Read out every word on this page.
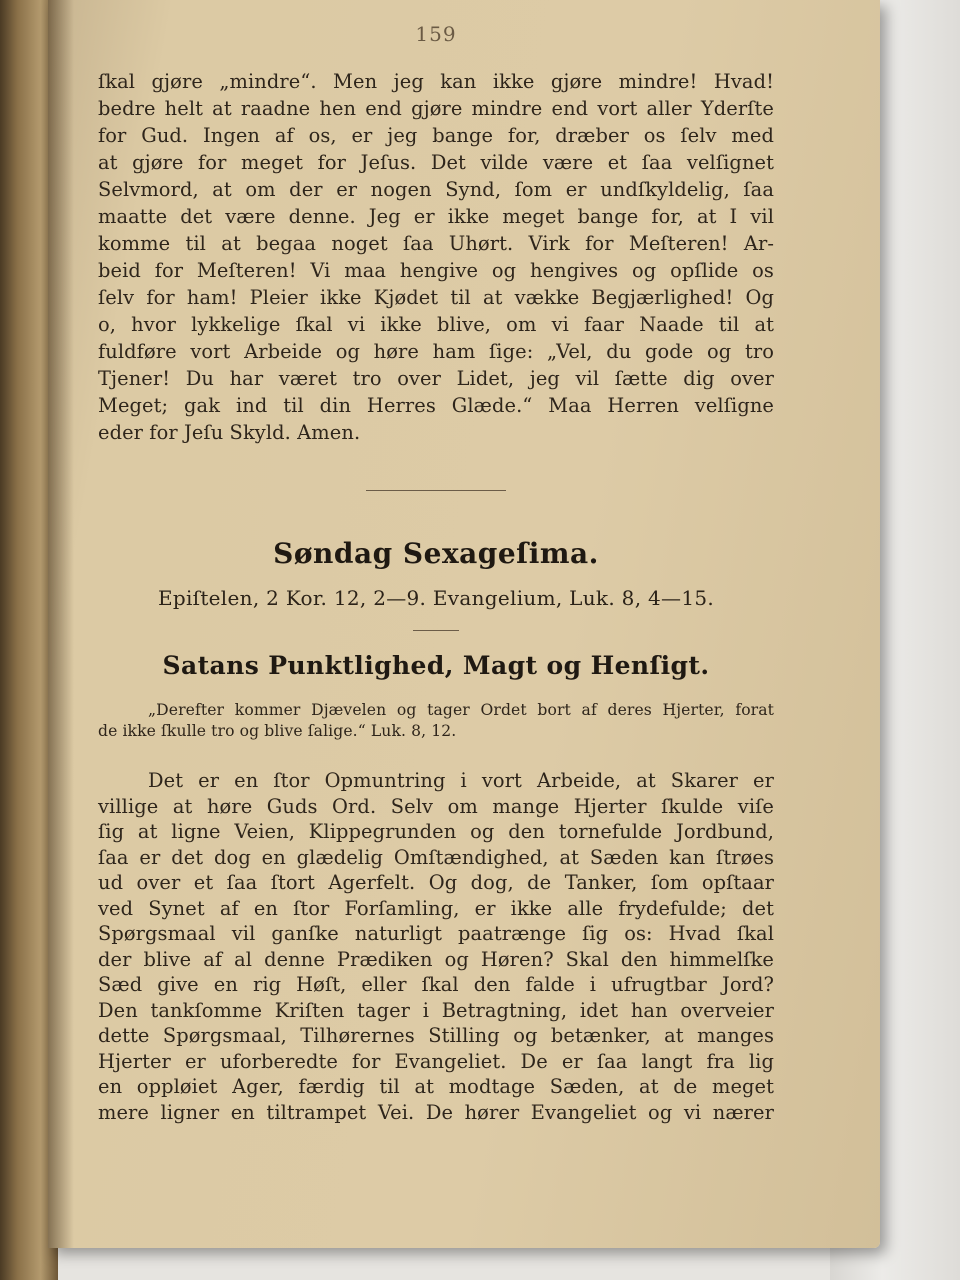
159
ſkal gjøre „mindre“. Men jeg kan ikke gjøre mindre! Hvad!
bedre helt at raadne hen end gjøre mindre end vort aller Yderſte
for Gud. Ingen af os, er jeg bange for, dræber os ſelv med
at gjøre for meget for Jeſus. Det vilde være et ſaa velſignet
Selvmord, at om der er nogen Synd, ſom er undſkyldelig, ſaa
maatte det være denne. Jeg er ikke meget bange for, at I vil
komme til at begaa noget ſaa Uhørt. Virk for Meſteren! Ar-
beid for Meſteren! Vi maa hengive og hengives og opſlide os
ſelv for ham! Pleier ikke Kjødet til at vække Begjærlighed! Og
o, hvor lykkelige ſkal vi ikke blive, om vi faar Naade til at
fuldføre vort Arbeide og høre ham ſige: „Vel, du gode og tro
Tjener! Du har været tro over Lidet, jeg vil ſætte dig over
Meget; gak ind til din Herres Glæde.“ Maa Herren velſigne
eder for Jeſu Skyld. Amen.
Søndag Sexageſima.
Epiſtelen, 2 Kor. 12, 2—9. Evangelium, Luk. 8, 4—15.
Satans Punktlighed, Magt og Henſigt.
„Derefter kommer Djævelen og tager Ordet bort af deres Hjerter, forat
de ikke ſkulle tro og blive ſalige.“ Luk. 8, 12.
Det er en ſtor Opmuntring i vort Arbeide, at Skarer er
villige at høre Guds Ord. Selv om mange Hjerter ſkulde viſe
ſig at ligne Veien, Klippegrunden og den tornefulde Jordbund,
ſaa er det dog en glædelig Omſtændighed, at Sæden kan ſtrøes
ud over et ſaa ſtort Agerfelt. Og dog, de Tanker, ſom opſtaar
ved Synet af en ſtor Forſamling, er ikke alle frydefulde; det
Spørgsmaal vil ganſke naturligt paatrænge ſig os: Hvad ſkal
der blive af al denne Prædiken og Høren? Skal den himmelſke
Sæd give en rig Høſt, eller ſkal den falde i ufrugtbar Jord?
Den tankſomme Kriſten tager i Betragtning, idet han overveier
dette Spørgsmaal, Tilhørernes Stilling og betænker, at manges
Hjerter er uforberedte for Evangeliet. De er ſaa langt fra lig
en oppløiet Ager, færdig til at modtage Sæden, at de meget
mere ligner en tiltrampet Vei. De hører Evangeliet og vi nærer
